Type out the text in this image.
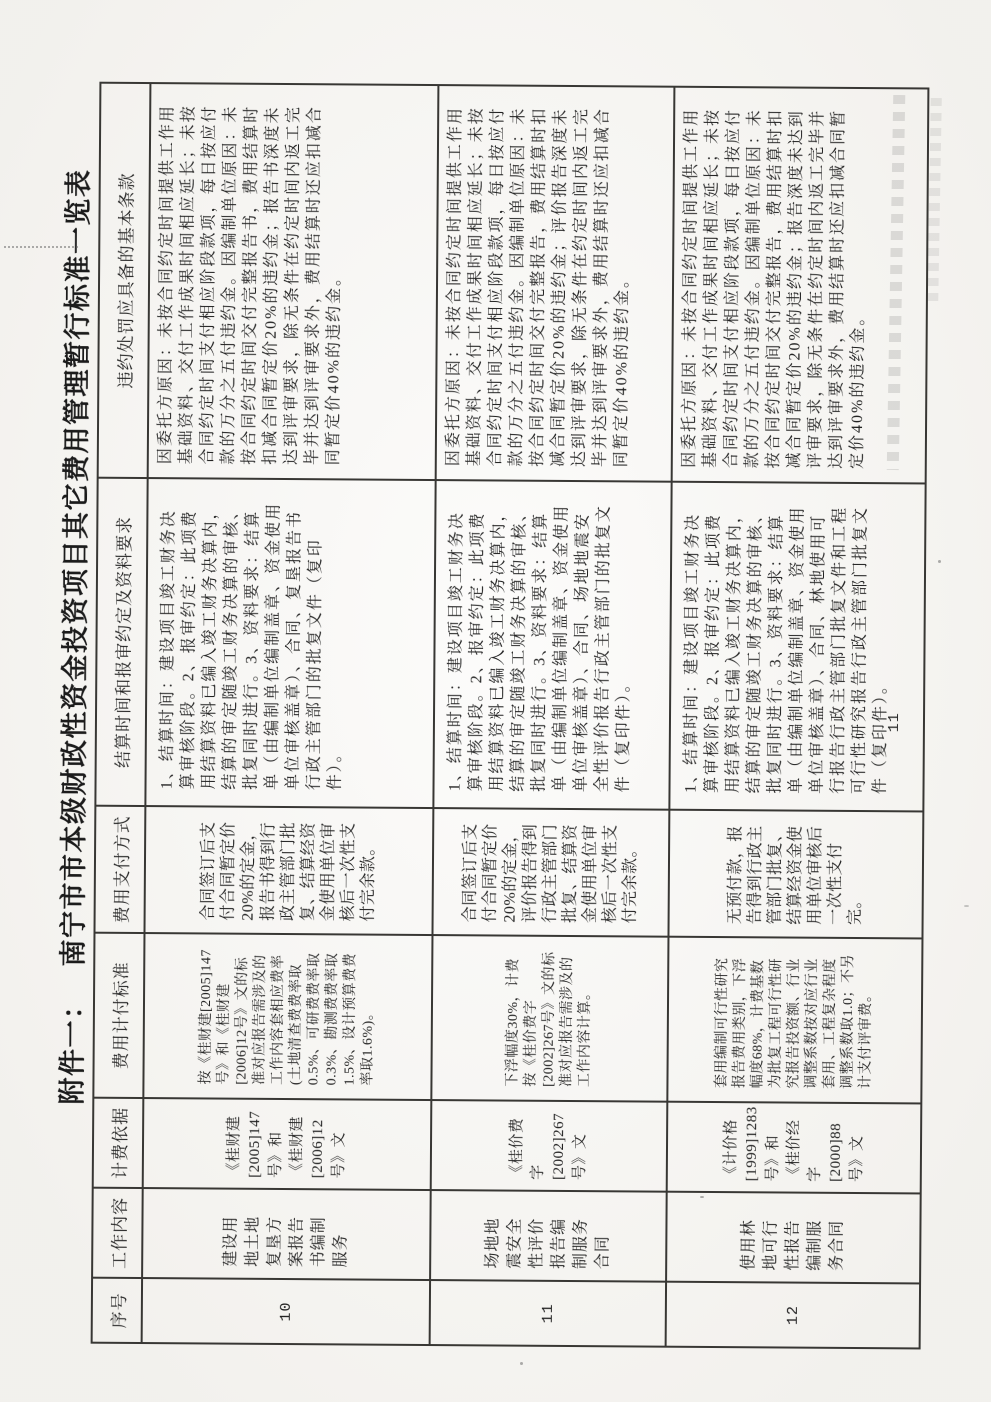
附件一：南宁市市本级财政性资金投资项目其它费用管理暂行标准一览表
序号	工作内容	计费依据	费用计付标准	费用支付方式	结算时间和报审约定及资料要求	违约处罚应具备的基本条款
10	建设用地土地复垦方案报告书编制服务	《桂财建[2005]147号》和《桂财建[2006]12号》文	按《桂财建[2005]147号》和《桂财建[2006]12号》文的标准对应报告需涉及的工作内容套相应费率(土地清查费费率取0.5%、可研费费率取0.3%、勘测费费率取1.5%、设计预算费费率取1.6%)。	合同签订后支付合同暂定价20%的定金，报告书得到行政主管部门批复、结算经资金使用单位审核后一次性支付完余款。	1、结算时间：建设项目竣工财务决算审核阶段。2、报审约定：此项费用结算资料已编入竣工财务决算内，结算的审定随竣工财务决算的审核、批复同时进行。3、资料要求：结算单（由编制单位编制盖章、资金使用单位审核盖章）、合同、复垦报告书行政主管部门的批复文件（复印件）。	因委托方原因：未按合同约定时间提供工作用基础资料、交付工作成果时间相应延长；未按合同约定时间支付相应阶段款项，每日按应付款的万分之五付违约金。因编制单位原因：未按合同约定时间交付完整报告书，费用结算时扣减合同暂定价20%的违约金；报告书深度未达到评审要求，除无条件在约定时间内返工完毕并达到评审要求外，费用结算时还应扣减合同暂定价40%的违约金。
11	场地地震安全性评价报告编制服务合同	《桂价费字[2002]267号》文	下浮幅度30%，计费按《桂价费字[2002]267号》文的标准对应报告需涉及的工作内容计算。	合同签订后支付合同暂定价20%的定金，评价报告得到行政主管部门批复、结算资金使用单位审核后一次性支付完余款。	1、结算时间：建设项目竣工财务决算审核阶段。2、报审约定：此项费用结算资料已编入竣工财务决算内，结算的审定随竣工财务决算的审核、批复同时进行。3、资料要求：结算单（由编制单位编制盖章、资金使用单位审核盖章）、合同、场地地震安全性评价报告行政主管部门的批复文件（复印件）。	因委托方原因：未按合同约定时间提供工作用基础资料、交付工作成果时间相应延长；未按合同约定时间支付相应阶段款项，每日按应付款的万分之五付违约金。因编制单位原因：未按合同约定时间交付完整报告，费用结算时扣减合同暂定价20%的违约金；评价报告深度未达到评审要求，除无条件在约定时间内返工完毕并达到评审要求外，费用结算时还应扣减合同暂定价40%的违约金。
12	使用林地可行性报告编制服务合同	《计价格[1999]1283号》和《桂价经字[2000]88号》文	套用编制可行性研究报告费用类别，下浮幅度68%，计费基数为批复工程可行性研究报告投资额、行业调整系数按对应行业套用、工程复杂程度调整系数取1.0；不另计支付评审费。	无预付款，报告得到行政主管部门批复、结算经资金使用单位审核后一次性支付完。	1、结算时间：建设项目竣工财务决算审核阶段。2、报审约定：此项费用结算资料已编入竣工财务决算内，结算的审定随竣工财务决算的审核、批复同时进行。3、资料要求：结算单（由编制单位编制盖章、资金使用单位审核盖章）、合同、林地使用可行报告行政主管部门批复文件和工程可行性研究报告行政主管部门批复文件（复印件）。	因委托方原因：未按合同约定时间提供工作用基础资料、交付工作成果时间相应延长；未按合同约定时间支付相应阶段款项，每日按应付款的万分之五付违约金。因编制单位原因：未按合同约定时间交付完整报告，费用结算时扣减合同暂定价20%的违约金；报告深度未达到评审要求，除无条件在约定时间内返工完毕并达到评审要求外，费用结算时还应扣减合同暂定价40%的违约金。
11
